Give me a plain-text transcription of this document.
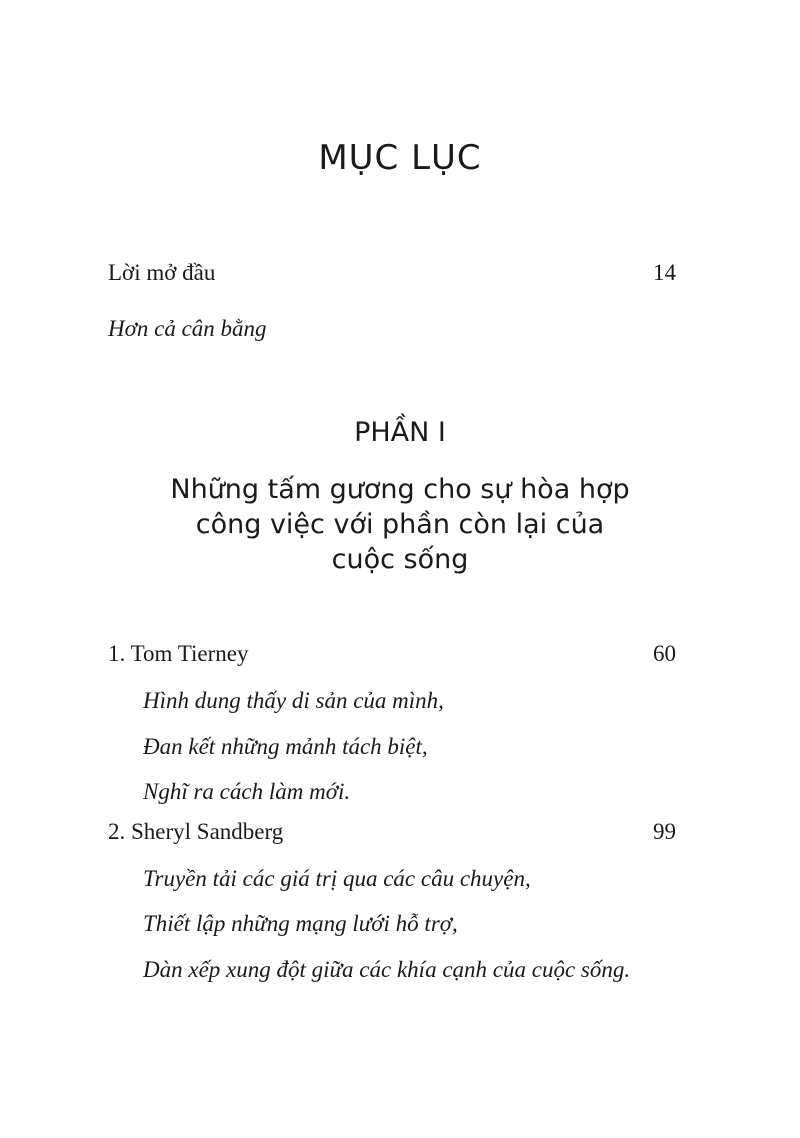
MỤC LỤC
Lời mở đầu	14
Hơn cả cân bằng
PHẦN I
Những tấm gương cho sự hòa hợp
công việc với phần còn lại của
cuộc sống
1. Tom Tierney	60
Hình dung thấy di sản của mình,
Đan kết những mảnh tách biệt,
Nghĩ ra cách làm mới.
2. Sheryl Sandberg	99
Truyền tải các giá trị qua các câu chuyện,
Thiết lập những mạng lưới hỗ trợ,
Dàn xếp xung đột giữa các khía cạnh của cuộc sống.
